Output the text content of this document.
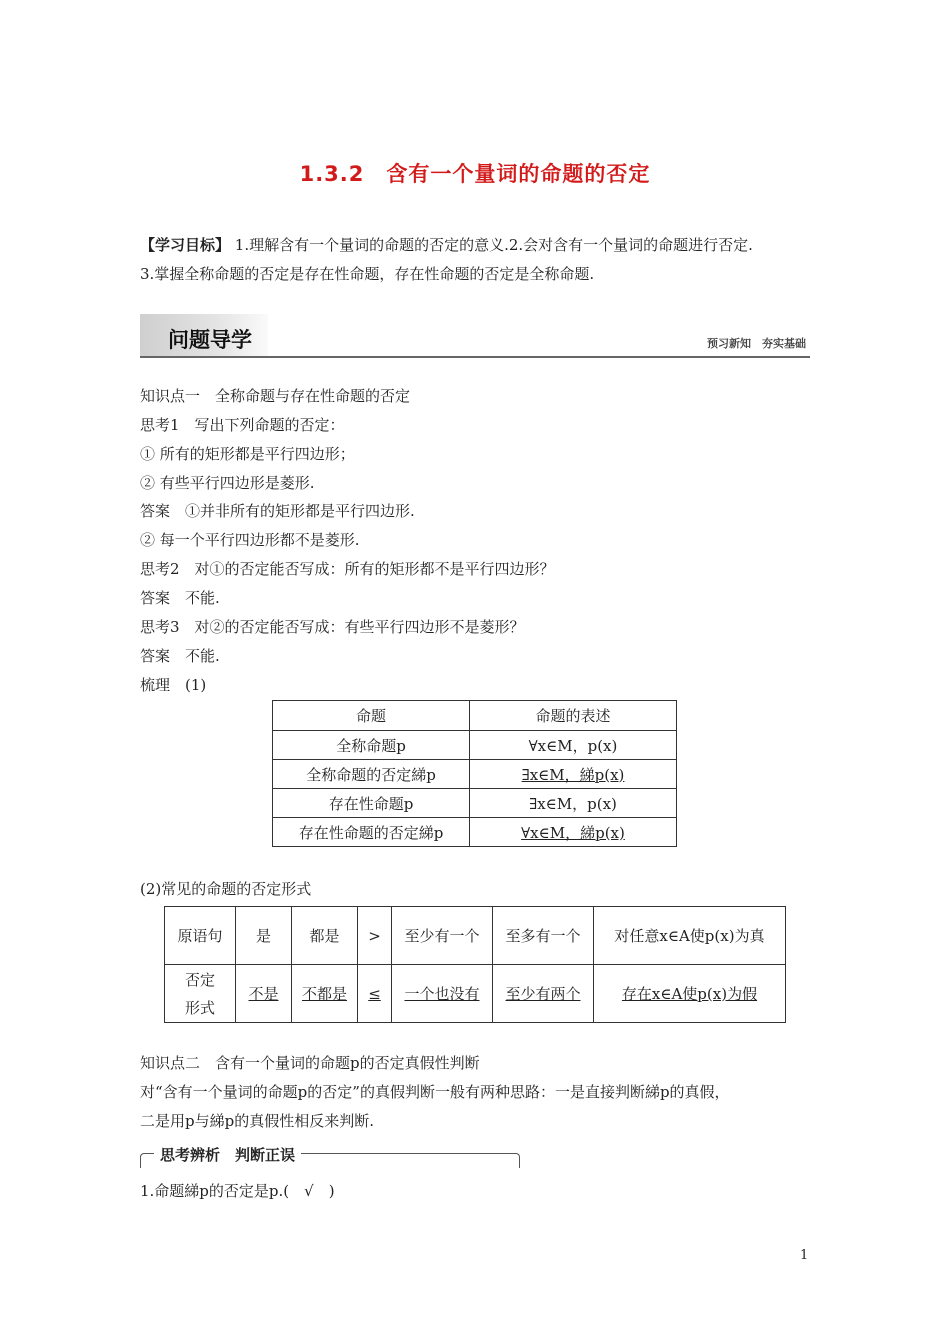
1.3.2　含有一个量词的命题的否定
【学习目标】 1.理解含有一个量词的命题的否定的意义.2.会对含有一个量词的命题进行否定.
3.掌握全称命题的否定是存在性命题，存在性命题的否定是全称命题.
问题导学	预习新知　夯实基础
知识点一　全称命题与存在性命题的否定
思考1　写出下列命题的否定：
① 所有的矩形都是平行四边形；
② 有些平行四边形是菱形.
答案　①并非所有的矩形都是平行四边形.
② 每一个平行四边形都不是菱形.
思考2　对①的否定能否写成：所有的矩形都不是平行四边形？
答案　不能.
思考3　对②的否定能否写成：有些平行四边形不是菱形？
答案　不能.
梳理　(1)
命题	命题的表述
全称命题p	∀x∈M，p(x)
全称命题的否定綈p	∃x∈M，綈p(x)
存在性命题p	∃x∈M，p(x)
存在性命题的否定綈p	∀x∈M，綈p(x)
(2)常见的命题的否定形式
原语句	是	都是	>	至少有一个	至多有一个	对任意x∈A使p(x)为真
否定形式	不是	不都是	≤	一个也没有	至少有两个	存在x∈A使p(x)为假
知识点二　含有一个量词的命题p的否定真假性判断
对“含有一个量词的命题p的否定”的真假判断一般有两种思路：一是直接判断綈p的真假，
二是用p与綈p的真假性相反来判断.
思考辨析　判断正误
1.命题綈p的否定是p.(　√　)
1
